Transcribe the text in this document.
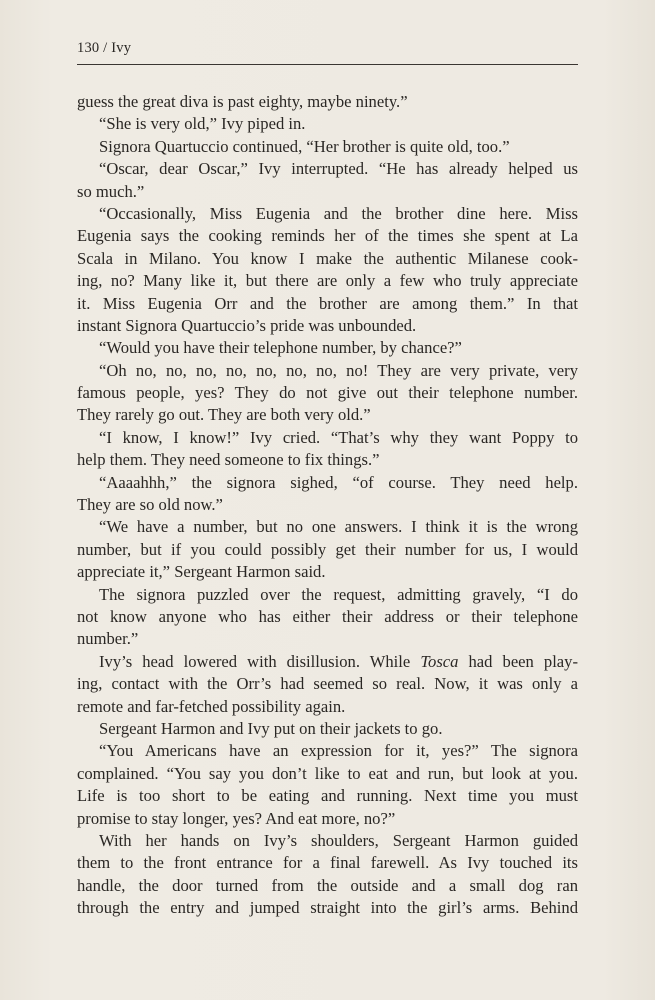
130 / Ivy
guess the great diva is past eighty, maybe ninety.”
“She is very old,” Ivy piped in.
Signora Quartuccio continued, “Her brother is quite old, too.”
“Oscar, dear Oscar,” Ivy interrupted. “He has already helped us
so much.”
“Occasionally, Miss Eugenia and the brother dine here. Miss
Eugenia says the cooking reminds her of the times she spent at La
Scala in Milano. You know I make the authentic Milanese cook-
ing, no? Many like it, but there are only a few who truly appreciate
it. Miss Eugenia Orr and the brother are among them.” In that
instant Signora Quartuccio’s pride was unbounded.
“Would you have their telephone number, by chance?”
“Oh no, no, no, no, no, no, no, no! They are very private, very
famous people, yes? They do not give out their telephone number.
They rarely go out. They are both very old.”
“I know, I know!” Ivy cried. “That’s why they want Poppy to
help them. They need someone to fix things.”
“Aaaahhh,” the signora sighed, “of course. They need help.
They are so old now.”
“We have a number, but no one answers. I think it is the wrong
number, but if you could possibly get their number for us, I would
appreciate it,” Sergeant Harmon said.
The signora puzzled over the request, admitting gravely, “I do
not know anyone who has either their address or their telephone
number.”
Ivy’s head lowered with disillusion. While Tosca had been play-
ing, contact with the Orr’s had seemed so real. Now, it was only a
remote and far-fetched possibility again.
Sergeant Harmon and Ivy put on their jackets to go.
“You Americans have an expression for it, yes?” The signora
complained. “You say you don’t like to eat and run, but look at you.
Life is too short to be eating and running. Next time you must
promise to stay longer, yes? And eat more, no?”
With her hands on Ivy’s shoulders, Sergeant Harmon guided
them to the front entrance for a final farewell. As Ivy touched its
handle, the door turned from the outside and a small dog ran
through the entry and jumped straight into the girl’s arms. Behind
